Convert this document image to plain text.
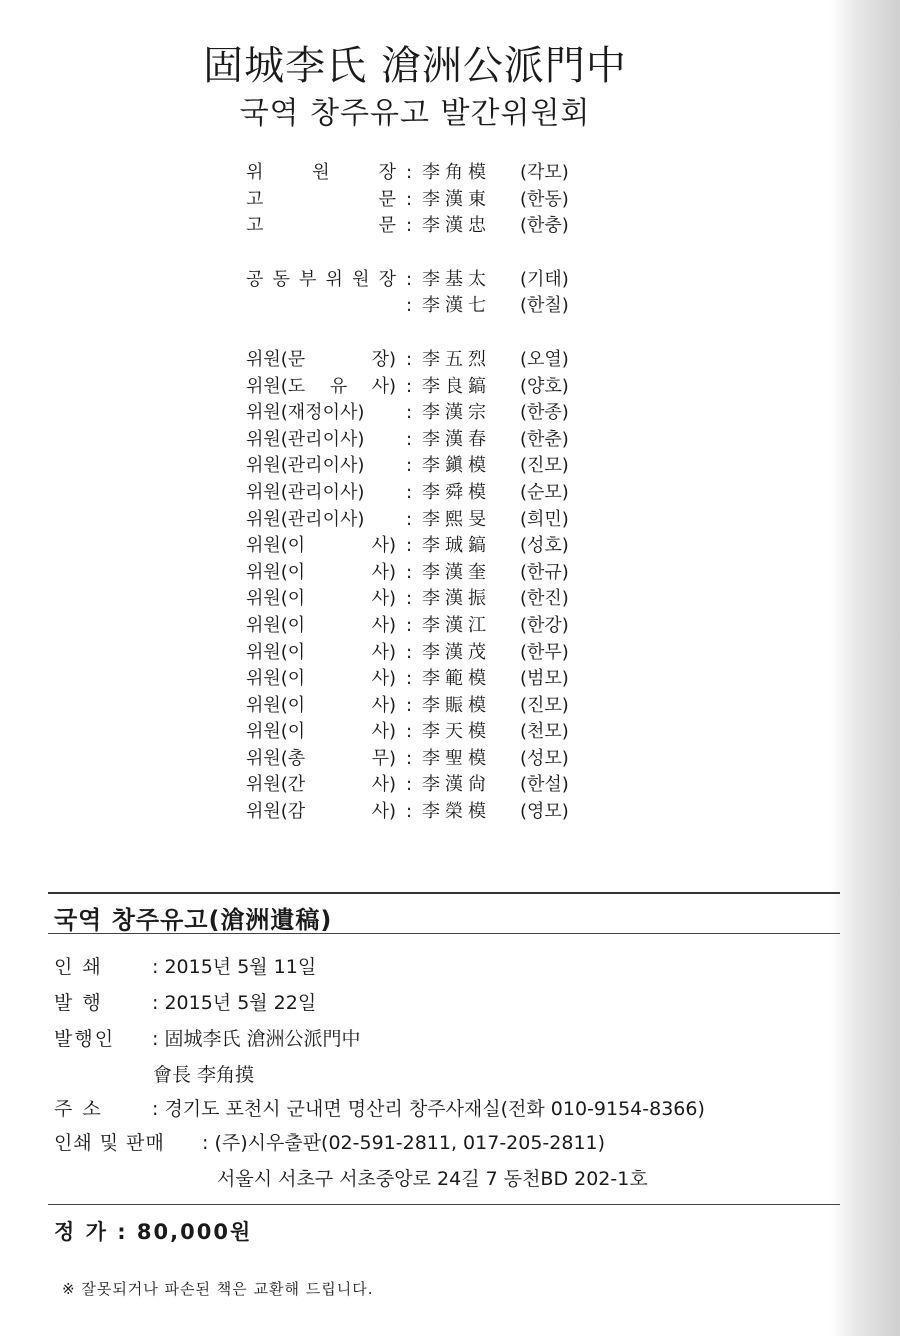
固城李氏 滄洲公派門中
국역 창주유고 발간위원회
위	원	장 : 李角模	(각모)
고	문 : 李漢東	(한동)
고	문 : 李漢忠	(한충)
공 동 부 위 원 장 : 李基太	(기태)
: 李漢七	(한칠)
위원(문	장) : 李五烈	(오열)
위원(도 유 사) : 李良鎬	(양호)
위원(재정이사)	: 李漢宗	(한종)
위원(관리이사)	: 李漢春	(한춘)
위원(관리이사)	: 李鎭模	(진모)
위원(관리이사)	: 李舜模	(순모)
위원(관리이사)	: 李熙旻	(희민)
위원(이	사) : 李珹鎬	(성호)
위원(이	사) : 李漢奎	(한규)
위원(이	사) : 李漢振	(한진)
위원(이	사) : 李漢江	(한강)
위원(이	사) : 李漢茂	(한무)
위원(이	사) : 李範模	(범모)
위원(이	사) : 李賑模	(진모)
위원(이	사) : 李天模	(천모)
위원(총	무) : 李聖模	(성모)
위원(간	사) : 李漢尙	(한설)
위원(감	사) : 李榮模	(영모)
국역 창주유고(滄洲遺稿)
인 쇄	: 2015년 5월 11일
발 행	: 2015년 5월 22일
발행인 : 固城李氏 滄洲公派門中
會長 李角摸
주 소	: 경기도 포천시 군내면 명산리 창주사재실(전화 010-9154-8366)
인쇄 및 판매 : (주)시우출판(02-591-2811, 017-205-2811)
서울시 서초구 서초중앙로 24길 7 동천BD 202-1호
정 가 : 80,000원
※ 잘못되거나 파손된 책은 교환해 드립니다.
